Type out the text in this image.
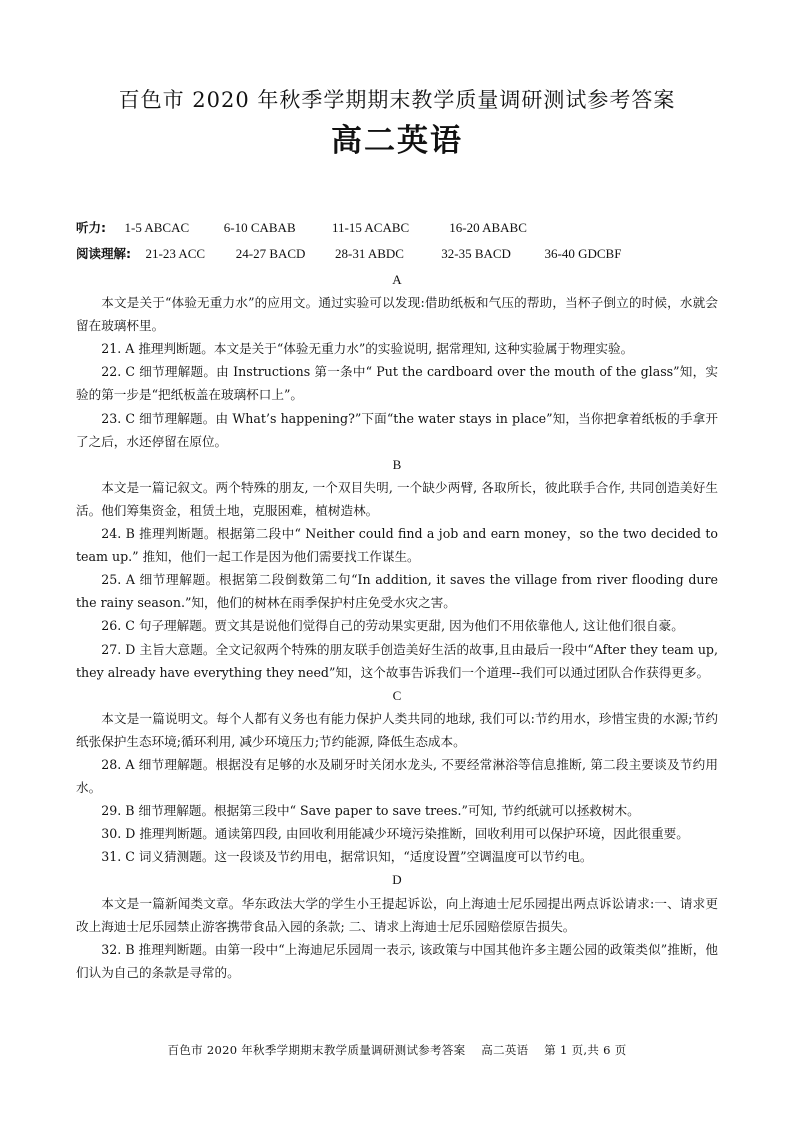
百色市 2020 年秋季学期期末教学质量调研测试参考答案
高二英语
听力: 1-5 ABCAC	6-10 CABAB	11-15 ACABC	16-20 ABABC
阅读理解: 21-23 ACC 24-27 BACD 28-31 ABDC	32-35 BACD	36-40 GDCBF

A

本文是关于“体验无重力水”的应用文。通过实验可以发现:借助纸板和气压的帮助，当杯子倒立的时候，水就会留在玻璃杯里。

21. A 推理判断题。本文是关于“体验无重力水”的实验说明, 据常理知, 这种实验属于物理实验。

22. C 细节理解题。由 Instructions 第一条中“ Put the cardboard over the mouth of the glass”知，实验的第一步是“把纸板盖在玻璃杯口上”。

23. C 细节理解题。由 What’s happening?”下面“the water stays in place”知，当你把拿着纸板的手拿开了之后，水还停留在原位。

B

本文是一篇记叙文。两个特殊的朋友, 一个双目失明, 一个缺少两臂, 各取所长，彼此联手合作, 共同创造美好生活。他们筹集资金，租赁土地，克服困难，植树造林。

24. B 推理判断题。根据第二段中“ Neither could find a job and earn money，so the two decided to team up.” 推知，他们一起工作是因为他们需要找工作谋生。

25. A 细节理解题。根据第二段倒数第二句“In addition, it saves the village from river flooding dure the rainy season.”知，他们的树林在雨季保护村庄免受水灾之害。

26. C 句子理解题。贾文其是说他们觉得自己的劳动果实更甜, 因为他们不用依靠他人, 这让他们很自豪。

27. D 主旨大意题。全文记叙两个特殊的朋友联手创造美好生活的故事,且由最后一段中“After they team up, they already have everything they need”知，这个故事告诉我们一个道理--我们可以通过团队合作获得更多。

C

本文是一篇说明文。每个人都有义务也有能力保护人类共同的地球, 我们可以:节约用水，珍惜宝贵的水源;节约纸张保护生态环境;循环利用, 减少环境压力;节约能源, 降低生态成本。

28. A 细节理解题。根据没有足够的水及刷牙时关闭水龙头, 不要经常淋浴等信息推断, 第二段主要谈及节约用水。

29. B 细节理解题。根据第三段中“ Save paper to save trees.”可知, 节约纸就可以拯救树木。

30. D 推理判断题。通读第四段, 由回收利用能减少环境污染推断，回收利用可以保护环境，因此很重要。

31. C 词义猜测题。这一段谈及节约用电，据常识知，“适度设置”空调温度可以节约电。

D

本文是一篇新闻类文章。华东政法大学的学生小王提起诉讼，向上海迪士尼乐园提出两点诉讼请求:一、请求更改上海迪士尼乐园禁止游客携带食品入园的条款; 二、请求上海迪士尼乐园赔偿原告损失。

32. B 推理判断题。由第一段中“上海迪尼乐园周一表示, 该政策与中国其他许多主题公园的政策类似”推断，他们认为自己的条款是寻常的。

百色市 2020 年秋季学期期末教学质量调研测试参考答案    高二英语    第 1 页,共 6 页
